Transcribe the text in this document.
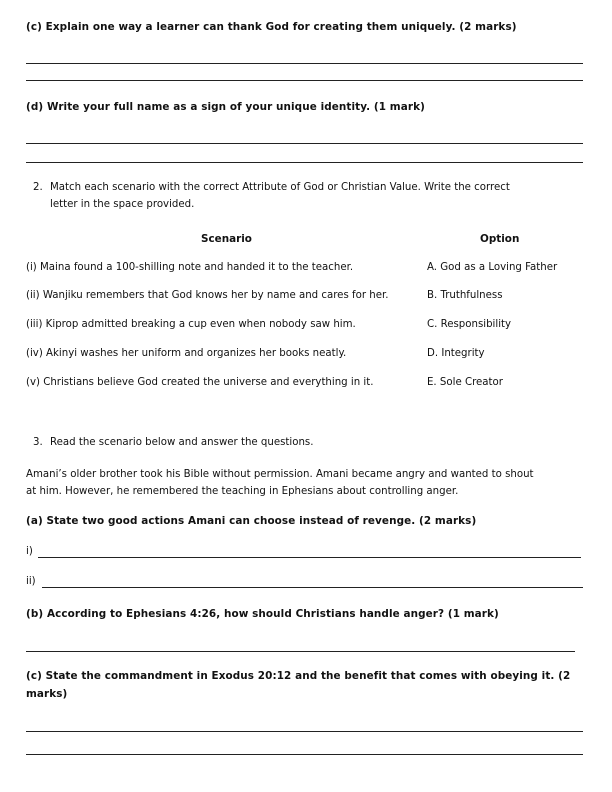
(c) Explain one way a learner can thank God for creating them uniquely. (2 marks)
(d) Write your full name as a sign of your unique identity. (1 mark)
2. Match each scenario with the correct Attribute of God or Christian Value. Write the correct
letter in the space provided.
Scenario	Option
(i) Maina found a 100-shilling note and handed it to the teacher.	A. God as a Loving Father
(ii) Wanjiku remembers that God knows her by name and cares for her.	B. Truthfulness
(iii) Kiprop admitted breaking a cup even when nobody saw him.	C. Responsibility
(iv) Akinyi washes her uniform and organizes her books neatly.	D. Integrity
(v) Christians believe God created the universe and everything in it.	E. Sole Creator
3. Read the scenario below and answer the questions.
Amani’s older brother took his Bible without permission. Amani became angry and wanted to shout
at him. However, he remembered the teaching in Ephesians about controlling anger.
(a) State two good actions Amani can choose instead of revenge. (2 marks)
i)
ii)
(b) According to Ephesians 4:26, how should Christians handle anger? (1 mark)
(c) State the commandment in Exodus 20:12 and the benefit that comes with obeying it. (2
marks)
